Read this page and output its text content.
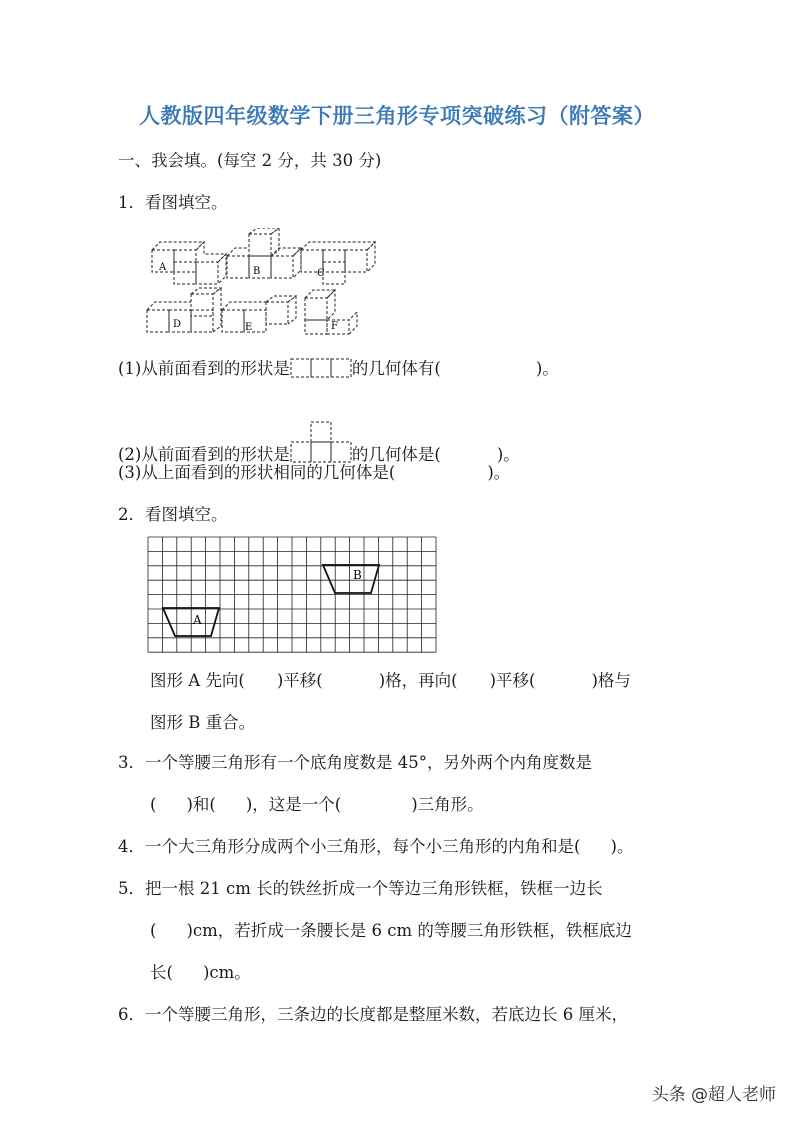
人教版四年级数学下册三角形专项突破练习（附答案）
一、我会填。(每空 2 分，共 30 分)
1．看图填空。
A	B	C
D	E	F
(1)从前面看到的形状是	的几何体有(	)。
(2)从前面看到的形状是	的几何体是(	)。
(3)从上面看到的形状相同的几何体是(	)。
2．看图填空。
A
B
图形 A 先向( )平移(	)格，再向( )平移(	)格与
图形 B 重合。
3．一个等腰三角形有一个底角度数是 45°，另外两个内角度数是
( )和( )，这是一个(	)三角形。
4．一个大三角形分成两个小三角形，每个小三角形的内角和是( )。
5．把一根 21 cm 长的铁丝折成一个等边三角形铁框，铁框一边长
( )cm，若折成一条腰长是 6 cm 的等腰三角形铁框，铁框底边
长( )cm。
6．一个等腰三角形，三条边的长度都是整厘米数，若底边长 6 厘米，
头条 @超人老师
